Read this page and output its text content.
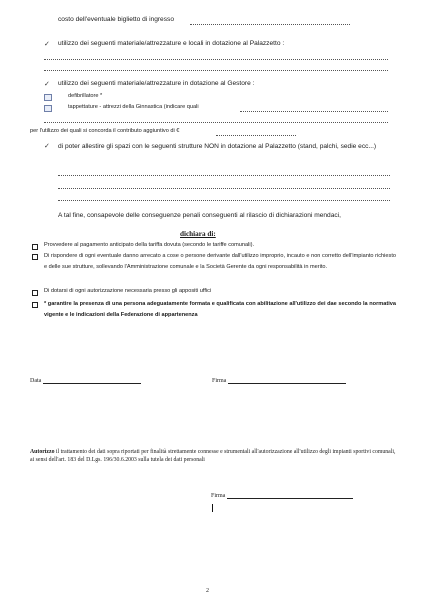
costo dell'eventuale biglietto di ingresso
✓ utilizzo dei seguenti materiale/attrezzature e locali in dotazione al Palazzetto :
✓ utilizzo dei seguenti materiale/attrezzature in dotazione al Gestore :
defibrillatore *
tappettature - attrezzi della Ginnastica (indicare quali
per l'utilizzo dei quali si concorda il contributo aggiuntivo di €
✓ di poter allestire gli spazi con le seguenti strutture NON in dotazione al Palazzetto (stand, palchi, sedie ecc...)
A tal fine, consapevole delle conseguenze penali conseguenti al rilascio di dichiarazioni mendaci,
dichiara di:
Provvedere al pagamento anticipato della tariffa dovuta (secondo le tariffe comunali).
Di rispondere di ogni eventuale danno arrecato a cose o persone derivante dall'utilizzo improprio, incauto e non corretto dell'impianto richiesto e delle sue strutture, sollevando l'Amministrazione comunale e la Società Gerente da ogni responsabilità in merito.
Di dotarsi di ogni autorizzazione necessaria presso gli appositi uffici
* garantire la presenza di una persona adeguatamente formata e qualificata con abilitazione all'utilizzo dei dae secondo la normativa vigente e le indicazioni della Federazione di appartenenza
Data	Firma
Autorizzo il trattamento dei dati sopra riportati per finalità strettamente connesse e strumentali all'autorizzazione all'utilizzo degli impianti sportivi comunali, ai sensi dell'art. 183 del D.Lgs. 196/30.6.2003 sulla tutela dei dati personali
Firma
2
